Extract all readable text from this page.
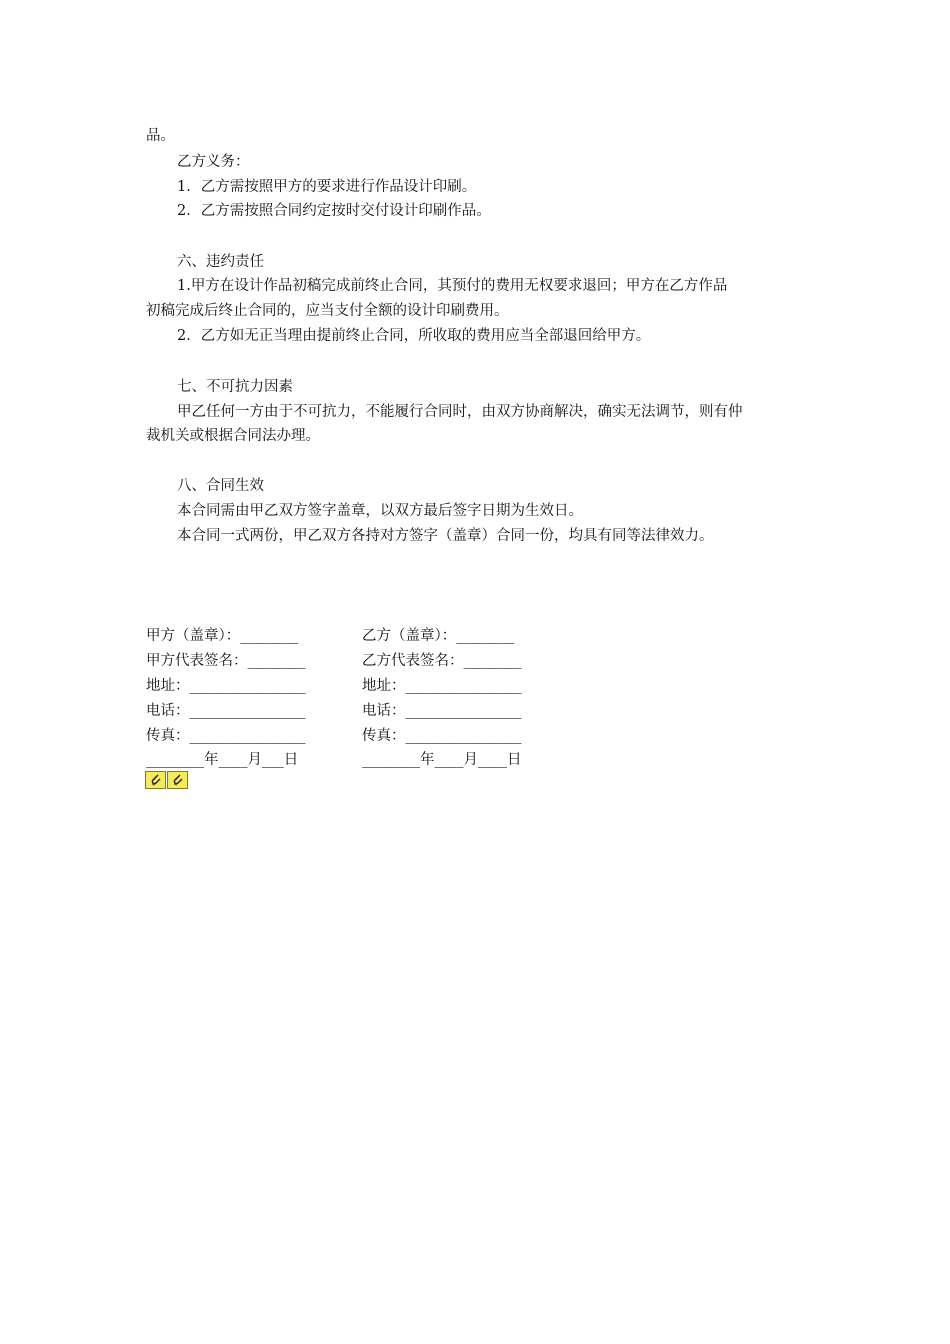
品。
乙方义务：
1．乙方需按照甲方的要求进行作品设计印刷。
2．乙方需按照合同约定按时交付设计印刷作品。
六、违约责任
1.甲方在设计作品初稿完成前终止合同，其预付的费用无权要求退回；甲方在乙方作品
初稿完成后终止合同的，应当支付全额的设计印刷费用。
2．乙方如无正当理由提前终止合同，所收取的费用应当全部退回给甲方。
七、不可抗力因素
甲乙任何一方由于不可抗力，不能履行合同时，由双方协商解决，确实无法调节，则有仲
裁机关或根据合同法办理。
八、合同生效
本合同需由甲乙双方签字盖章，以双方最后签字日期为生效日。
本合同一式两份，甲乙双方各持对方签字（盖章）合同一份，均具有同等法律效力。
甲方（盖章）：________
甲方代表签名：________
地址：________________
电话：________________
传真：________________
________年____月___日
乙方（盖章）：________
乙方代表签名：________
地址：________________
电话：________________
传真：________________
________年____月____日
